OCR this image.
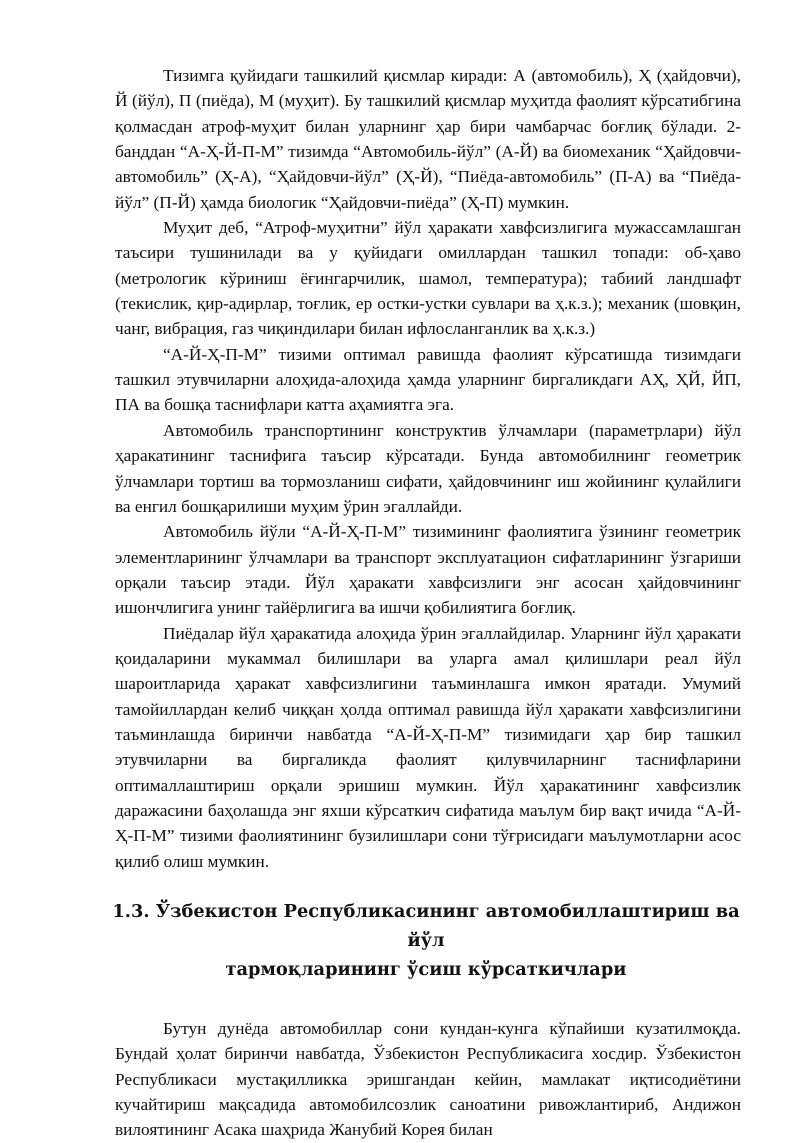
Тизимга қуйидаги ташкилий қисмлар киради: А (автомобиль), Ҳ (ҳайдовчи), Й (йўл), П (пиёда), М (муҳит). Бу ташкилий қисмлар муҳитда фаолият кўрсатибгина қолмасдан атроф-муҳит билан уларнинг ҳар бири чамбарчас боғлиқ бўлади. 2-банддан “А-Ҳ-Й-П-М” тизимда “Автомобиль-йўл” (А-Й) ва биомеханик “Ҳайдовчи-автомобиль” (Ҳ-А), “Ҳайдовчи-йўл” (Ҳ-Й), “Пиёда-автомобиль” (П-А) ва “Пиёда-йўл” (П-Й) ҳамда биологик “Ҳайдовчи-пиёда” (Ҳ-П) мумкин.

Муҳит деб, “Атроф-муҳитни” йўл ҳаракати хавфсизлигига мужассамлашган таъсири тушинилади ва у қуйидаги омиллардан ташкил топади: об-ҳаво (метрологик кўриниш ёғингарчилик, шамол, температура); табиий ландшафт (текислик, қир-адирлар, тоғлик, ер остки-устки сувлари ва ҳ.к.з.); механик (шовқин, чанг, вибрация, газ чиқиндилари билан ифлосланганлик ва ҳ.к.з.)

“А-Й-Ҳ-П-М” тизими оптимал равишда фаолият кўрсатишда тизимдаги ташкил этувчиларни алоҳида-алоҳида ҳамда уларнинг биргаликдаги АҲ, ҲЙ, ЙП, ПА ва бошқа таснифлари катта аҳамиятга эга.

Автомобиль транспортининг конструктив ўлчамлари (параметрлари) йўл ҳаракатининг таснифига таъсир кўрсатади. Бунда автомобилнинг геометрик ўлчамлари тортиш ва тормозланиш сифати, ҳайдовчининг иш жойининг қулайлиги ва енгил бошқарилиши муҳим ўрин эгаллайди.

Автомобиль йўли “А-Й-Ҳ-П-М” тизимининг фаолиятига ўзининг геометрик элементларининг ўлчамлари ва транспорт эксплуатацион сифатларининг ўзгариши орқали таъсир этади. Йўл ҳаракати хавфсизлиги энг асосан ҳайдовчининг ишончлигига унинг тайёрлигига ва ишчи қобилиятига боғлиқ.

Пиёдалар йўл ҳаракатида алоҳида ўрин эгаллайдилар. Уларнинг йўл ҳаракати қоидаларини мукаммал билишлари ва уларга амал қилишлари реал йўл шароитларида ҳаракат хавфсизлигини таъминлашга имкон яратади. Умумий тамойиллардан келиб чиққан ҳолда оптимал равишда йўл ҳаракати хавфсизлигини таъминлашда биринчи навбатда “А-Й-Ҳ-П-М” тизимидаги ҳар бир ташкил этувчиларни ва биргаликда фаолият қилувчиларнинг таснифларини оптималлаштириш орқали эришиш мумкин. Йўл ҳаракатининг хавфсизлик даражасини баҳолашда энг яхши кўрсаткич сифатида маълум бир вақт ичида “А-Й-Ҳ-П-М” тизими фаолиятининг бузилишлари сони тўғрисидаги маълумотларни асос қилиб олиш мумкин.

1.3. Ўзбекистон Республикасининг автомобиллаштириш ва йўл
тармоқларининг ўсиш кўрсаткичлари

Бутун дунёда автомобиллар сони кундан-кунга кўпайиши кузатилмоқда. Бундай ҳолат биринчи навбатда, Ўзбекистон Республикасига хосдир. Ўзбекистон Республикаси мустақилликка эришгандан кейин, мамлакат иқтисодиётини кучайтириш мақсадида автомобилсозлик саноатини ривожлантириб, Андижон вилоятининг Асака шаҳрида Жанубий Корея билан
